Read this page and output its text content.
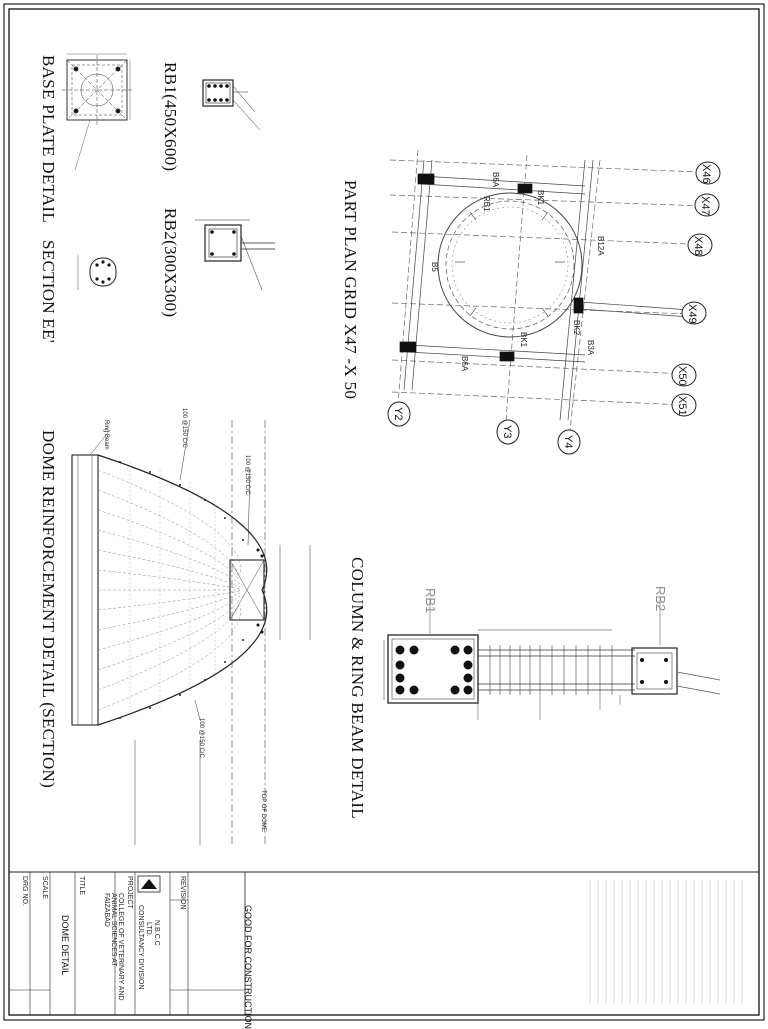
X46
X47
X48
X49
X50
X51
Y2
Y3
Y4
B6A
B6A
B5
RB1	BK1
BK1
B12A
BK2
B3A
100 @150 C/C
100 @150 C/C
100 @150 C/C
Ring Beam
TOP OF DOME
PART PLAN GRID X47 -X 50
RB1(450X600)
RB2(300X300)
BASE PLATE DETAIL
SECTION EE'
DOME REINFORCEMENT DETAIL (SECTION)	COLUMN & RING BEAM DETAIL	RB1	RB2
GOOD FOR CONSTRUCTION
N.B.C.C
LTD.
CONSULTANCY DIVISION
COLLEGE OF VETERINARY AND
ANIMAL SCIENCES AT
FAIZABAD
DOME DETAIL
REVISION
PROJECT
TITLE
SCALE
DRG NO.
